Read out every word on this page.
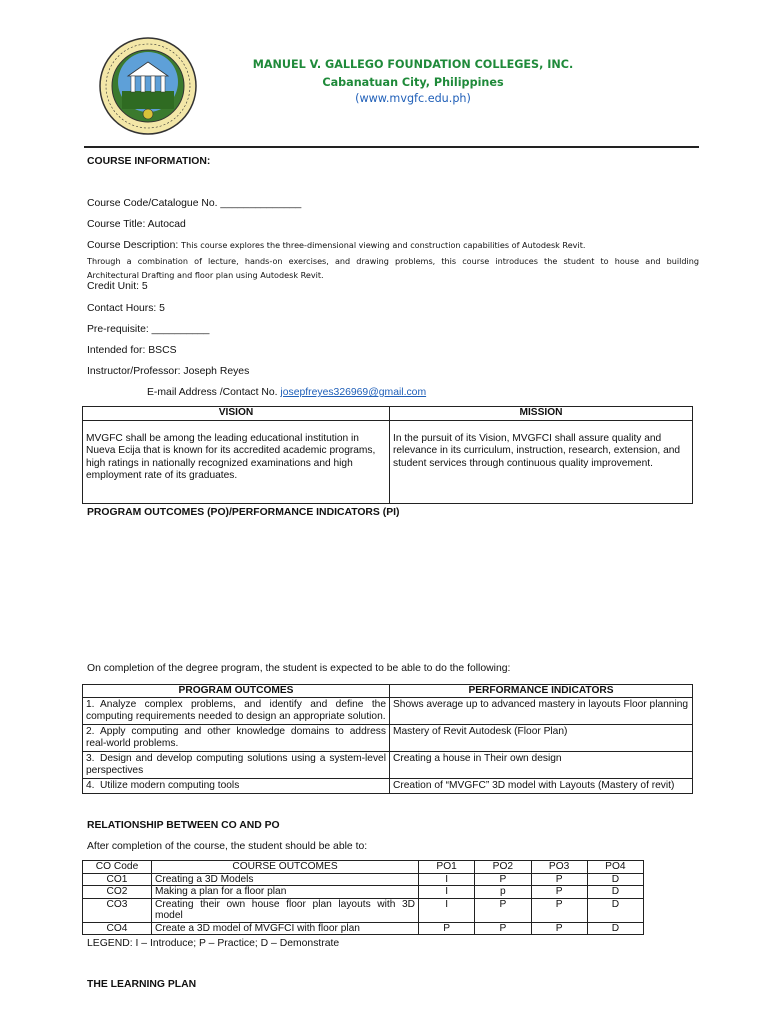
MANUEL V. GALLEGO FOUNDATION COLLEGES, INC.
Cabanatuan City, Philippines
(www.mvgfc.edu.ph)
COURSE INFORMATION:
Course Code/Catalogue No. ______________
Course Title: Autocad
Course Description: This course explores the three-dimensional viewing and construction capabilities of Autodesk Revit.
Through a combination of lecture, hands-on exercises, and drawing problems, this course introduces the student to house and building
Architectural Drafting and floor plan using Autodesk Revit.
Credit Unit: 5
Contact Hours: 5
Pre-requisite: __________
Intended for: BSCS
Instructor/Professor: Joseph Reyes
E-mail Address /Contact No. josepfreyes326969@gmail.com
VISION	MISSION
MVGFC shall be among the leading educational institution in Nueva Ecija that is known for its accredited academic programs, high ratings in nationally recognized examinations and high employment rate of its graduates.	In the pursuit of its Vision, MVGFCI shall assure quality and relevance in its curriculum, instruction, research, extension, and student services through continuous quality improvement.
PROGRAM OUTCOMES (PO)/PERFORMANCE INDICATORS (PI)
On completion of the degree program, the student is expected to be able to do the following:
PROGRAM OUTCOMES	PERFORMANCE INDICATORS
1. Analyze complex problems, and identify and define the computing requirements needed to design an appropriate solution.	Shows average up to advanced mastery in layouts Floor planning
2. Apply computing and other knowledge domains to address real-world problems.	Mastery of Revit Autodesk (Floor Plan)
3. Design and develop computing solutions using a system-level perspectives	Creating a house in Their own design
4. Utilize modern computing tools	Creation of “MVGFC” 3D model with Layouts (Mastery of revit)
RELATIONSHIP BETWEEN CO AND PO
After completion of the course, the student should be able to:
CO Code	COURSE OUTCOMES	PO1	PO2	PO3	PO4
CO1	Creating a 3D Models	I	P	P	D
CO2	Making a plan for a floor plan	I	p	P	D
CO3	Creating their own house floor plan layouts with 3D model	I	P	P	D
CO4	Create a 3D model of MVGFCI with floor plan	P	P	P	D
LEGEND: I – Introduce; P – Practice; D – Demonstrate
THE LEARNING PLAN
